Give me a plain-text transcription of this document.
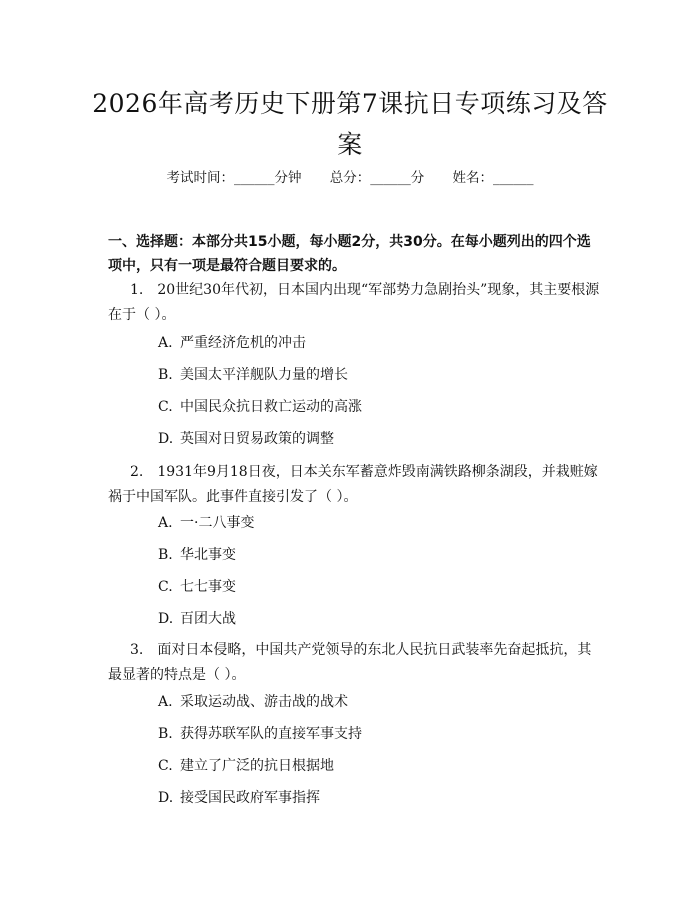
2026年高考历史下册第7课抗日专项练习及答案
考试时间：______分钟 总分：______分 姓名：______

一、选择题：本部分共15小题，每小题2分，共30分。在每小题列出的四个选项中，只有一项是最符合题目要求的。

1. 20世纪30年代初，日本国内出现“军部势力急剧抬头”现象，其主要根源在于（ ）。

A. 严重经济危机的冲击

B. 美国太平洋舰队力量的增长

C. 中国民众抗日救亡运动的高涨

D. 英国对日贸易政策的调整

2. 1931年9月18日夜，日本关东军蓄意炸毁南满铁路柳条湖段，并栽赃嫁祸于中国军队。此事件直接引发了（ ）。

A. 一·二八事变

B. 华北事变

C. 七七事变

D. 百团大战

3. 面对日本侵略，中国共产党领导的东北人民抗日武装率先奋起抵抗，其最显著的特点是（ ）。

A. 采取运动战、游击战的战术

B. 获得苏联军队的直接军事支持

C. 建立了广泛的抗日根据地

D. 接受国民政府军事指挥
